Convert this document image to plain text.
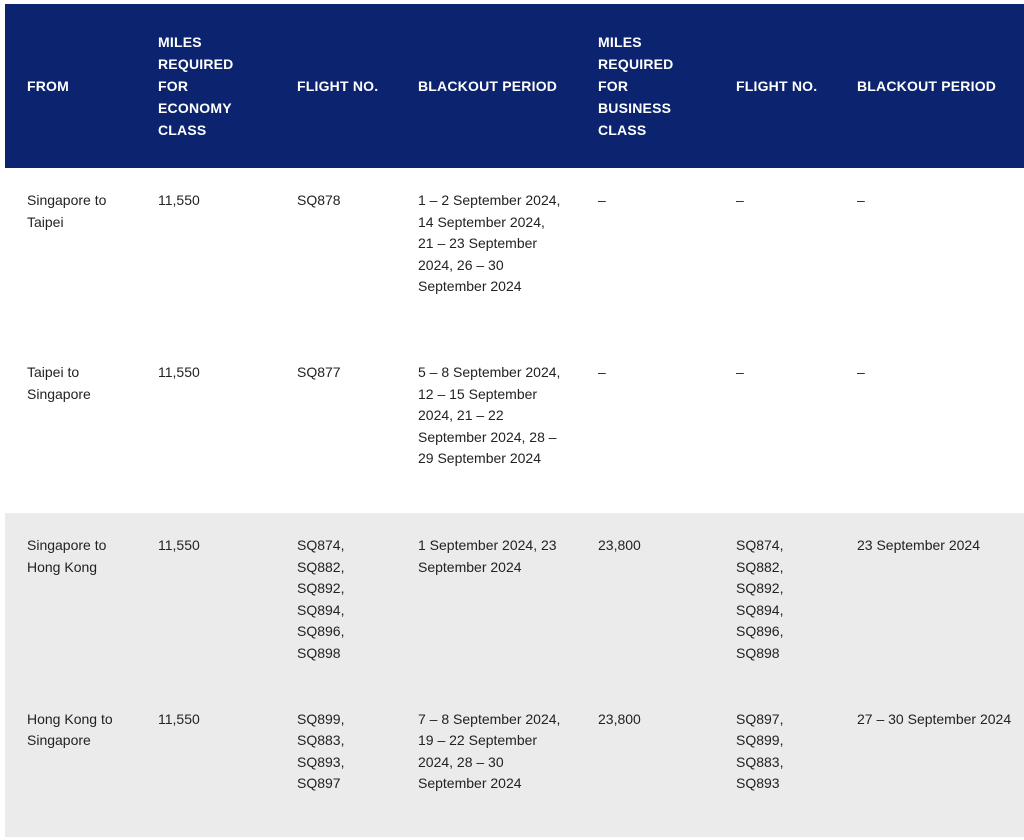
FROM	MILES REQUIRED FOR ECONOMY CLASS	FLIGHT NO.	BLACKOUT PERIOD	MILES REQUIRED FOR BUSINESS CLASS	FLIGHT NO.	BLACKOUT PERIOD
Singapore to Taipei	11,550	SQ878	1 – 2 September 2024, 14 September 2024, 21 – 23 September 2024, 26 – 30 September 2024	–	–	–
Taipei to Singapore	11,550	SQ877	5 – 8 September 2024, 12 – 15 September 2024, 21 – 22 September 2024, 28 – 29 September 2024	–	–	–
Singapore to Hong Kong	11,550	SQ874, SQ882, SQ892, SQ894, SQ896, SQ898	1 September 2024, 23 September 2024	23,800	SQ874, SQ882, SQ892, SQ894, SQ896, SQ898	23 September 2024
Hong Kong to Singapore	11,550	SQ899, SQ883, SQ893, SQ897	7 – 8 September 2024, 19 – 22 September 2024, 28 – 30 September 2024	23,800	SQ897, SQ899, SQ883, SQ893	27 – 30 September 2024
